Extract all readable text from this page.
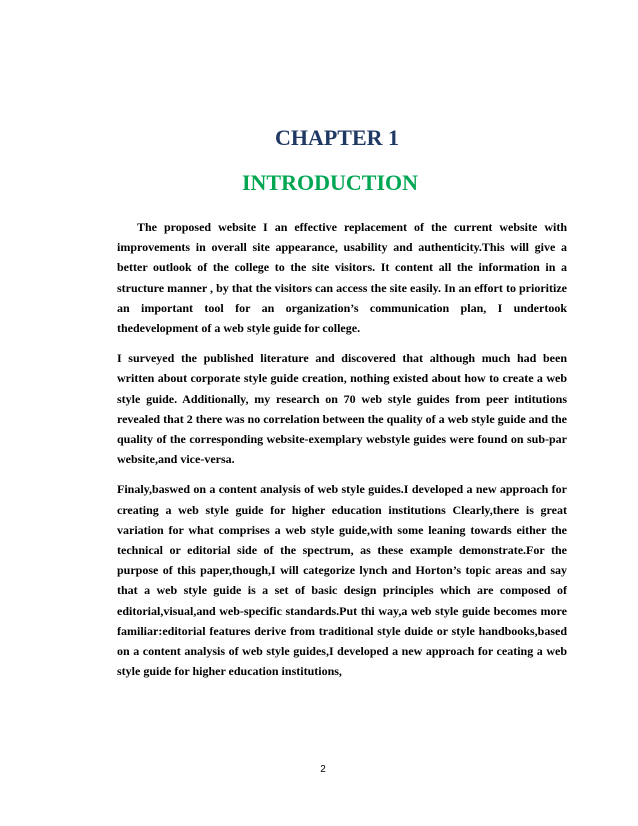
CHAPTER 1
INTRODUCTION

The proposed website I an effective replacement of the current website with improvements in overall site appearance, usability and authenticity.This will give a better outlook of the college to the site visitors. It content all the information in a structure manner , by that the visitors can access the site easily. In an effort to prioritize an important tool for an organization’s communication plan, I undertook thedevelopment of a web style guide for college.

I surveyed the published literature and discovered that although much had been written about corporate style guide creation, nothing existed about how to create a web style guide. Additionally, my research on 70 web style guides from peer intitutions revealed that 2 there was no correlation between the quality of a web style guide and the quality of the corresponding website-exemplary webstyle guides were found on sub-par website,and vice-versa.

Finaly,baswed on a content analysis of web style guides.I developed a new approach for creating a web style guide for higher education institutions Clearly,there is great variation for what comprises a web style guide,with some leaning towards either the technical or editorial side of the spectrum, as these example demonstrate.For the purpose of this paper,though,I will categorize lynch and Horton’s topic areas and say that a web style guide is a set of basic design principles which are composed of editorial,visual,and web-specific standards.Put thi way,a web style guide becomes more familiar:editorial features derive from traditional style duide or style handbooks,based on a content analysis of web style guides,I developed a new approach for ceating a web style guide for higher education institutions,

2
